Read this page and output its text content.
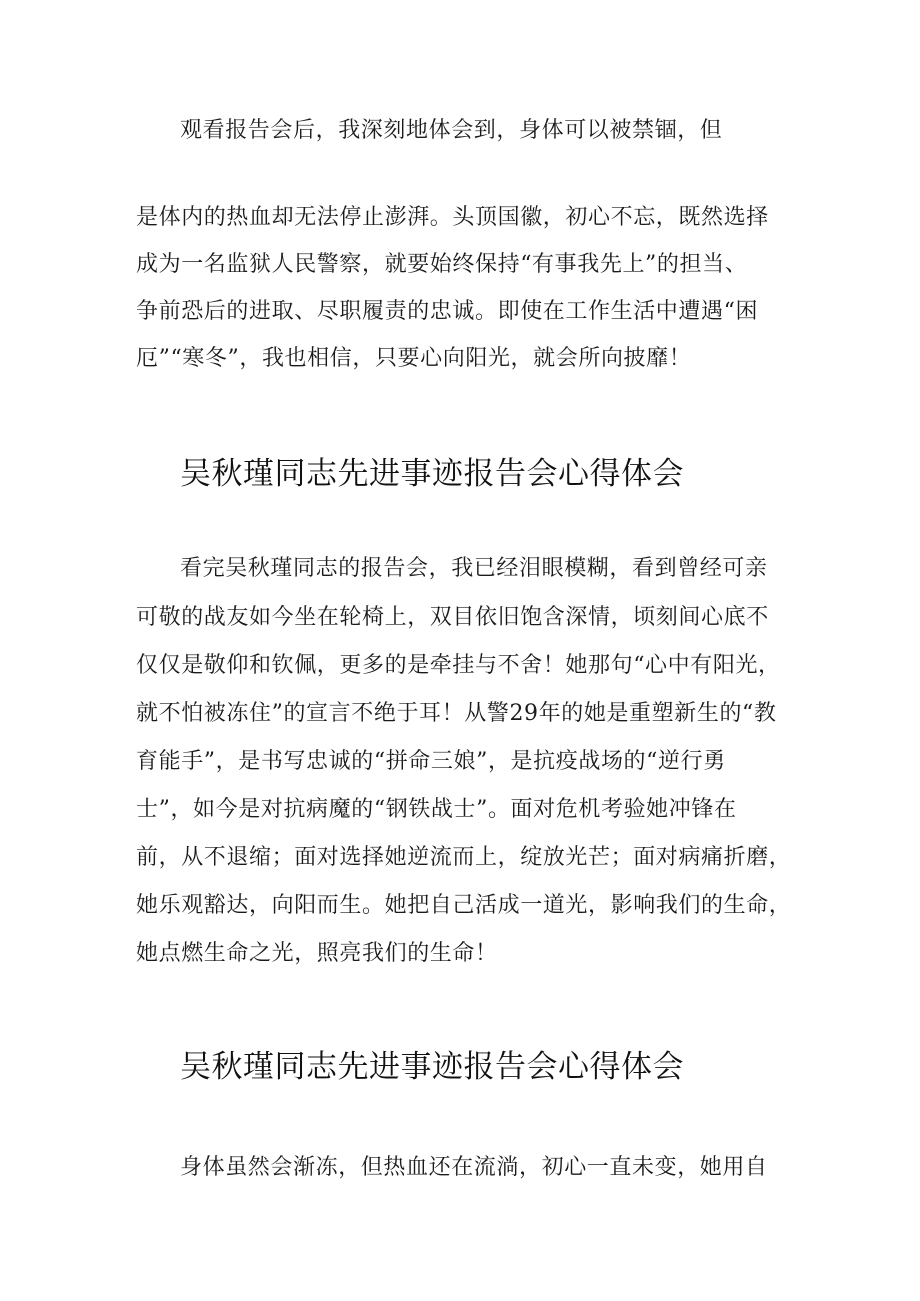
观看报告会后，我深刻地体会到，身体可以被禁锢，但
是体内的热血却无法停止澎湃。头顶国徽，初心不忘，既然选择
成为一名监狱人民警察，就要始终保持“有事我先上”的担当、
争前恐后的进取、尽职履责的忠诚。即使在工作生活中遭遇“困
厄”“寒冬”，我也相信，只要心向阳光，就会所向披靡！
吴秋瑾同志先进事迹报告会心得体会
看完吴秋瑾同志的报告会，我已经泪眼模糊，看到曾经可亲
可敬的战友如今坐在轮椅上，双目依旧饱含深情，顷刻间心底不
仅仅是敬仰和钦佩，更多的是牵挂与不舍！她那句“心中有阳光，
就不怕被冻住”的宣言不绝于耳！从警29年的她是重塑新生的“教
育能手”，是书写忠诚的“拼命三娘”，是抗疫战场的“逆行勇
士”，如今是对抗病魔的“钢铁战士”。面对危机考验她冲锋在
前，从不退缩；面对选择她逆流而上，绽放光芒；面对病痛折磨，
她乐观豁达，向阳而生。她把自己活成一道光，影响我们的生命，
她点燃生命之光，照亮我们的生命！
吴秋瑾同志先进事迹报告会心得体会
身体虽然会渐冻，但热血还在流淌，初心一直未变，她用自
